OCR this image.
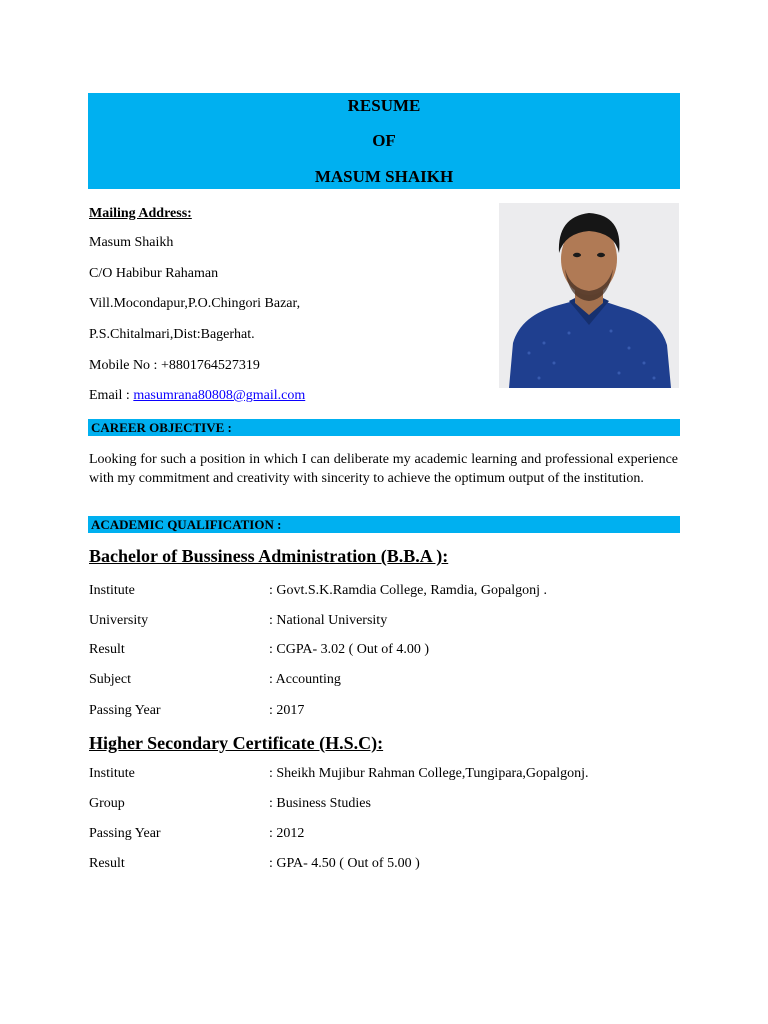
RESUME
OF
MASUM SHAIKH
Mailing Address:
Masum Shaikh
C/O Habibur Rahaman
Vill.Mocondapur,P.O.Chingori Bazar,
P.S.Chitalmari,Dist:Bagerhat.
Mobile No : +8801764527319
Email : masumrana80808@gmail.com
CAREER OBJECTIVE :
Looking for such a position in which I can deliberate my academic learning and professional experience with my commitment and creativity with sincerity to achieve the optimum output of the institution.
ACADEMIC QUALIFICATION :
Bachelor of Bussiness Administration (B.B.A ):
Institute	: Govt.S.K.Ramdia College, Ramdia, Gopalgonj .
University	: National University
Result	: CGPA- 3.02 ( Out of 4.00 )
Subject	: Accounting
Passing Year	: 2017
Higher Secondary Certificate (H.S.C):
Institute	: Sheikh Mujibur Rahman College,Tungipara,Gopalgonj.
Group	: Business Studies
Passing Year	: 2012
Result	: GPA- 4.50 ( Out of 5.00 )
